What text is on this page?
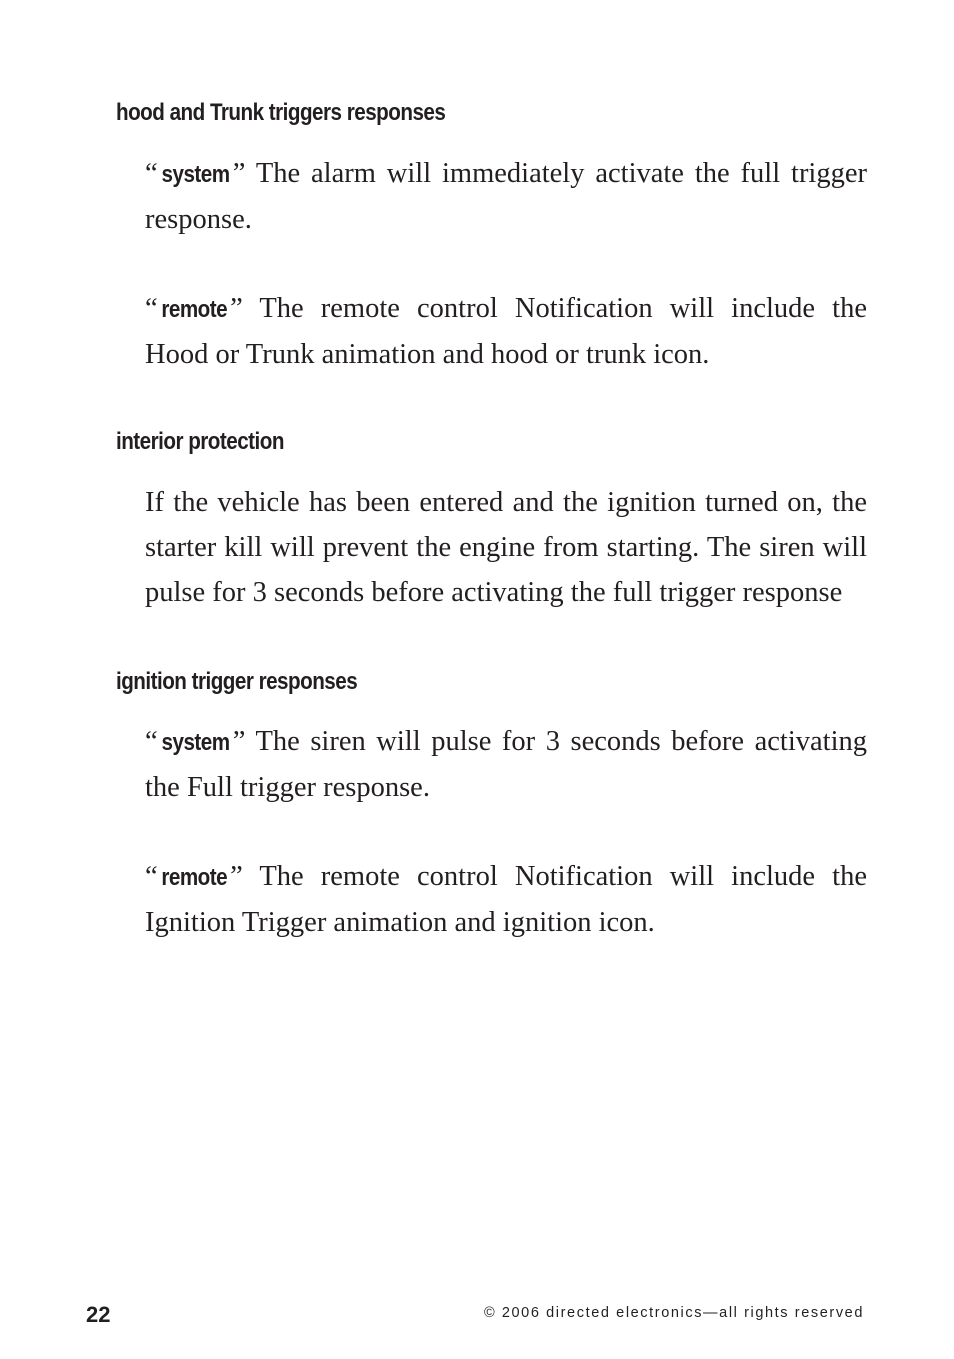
hood and Trunk triggers responses

“ system ” The alarm will immediately activate the full trigger response.

“ remote ” The remote control Notification will include the Hood or Trunk animation and hood or trunk icon.

interior protection

If the vehicle has been entered and the ignition turned on, the starter kill will prevent the engine from starting. The siren will pulse for 3 seconds before activating the full trigger response

ignition trigger responses

“ system ” The siren will pulse for 3 seconds before activating the Full trigger response.

“ remote ” The remote control Notification will include the Ignition Trigger animation and ignition icon.

22	© 2006 directed electronics—all rights reserved
